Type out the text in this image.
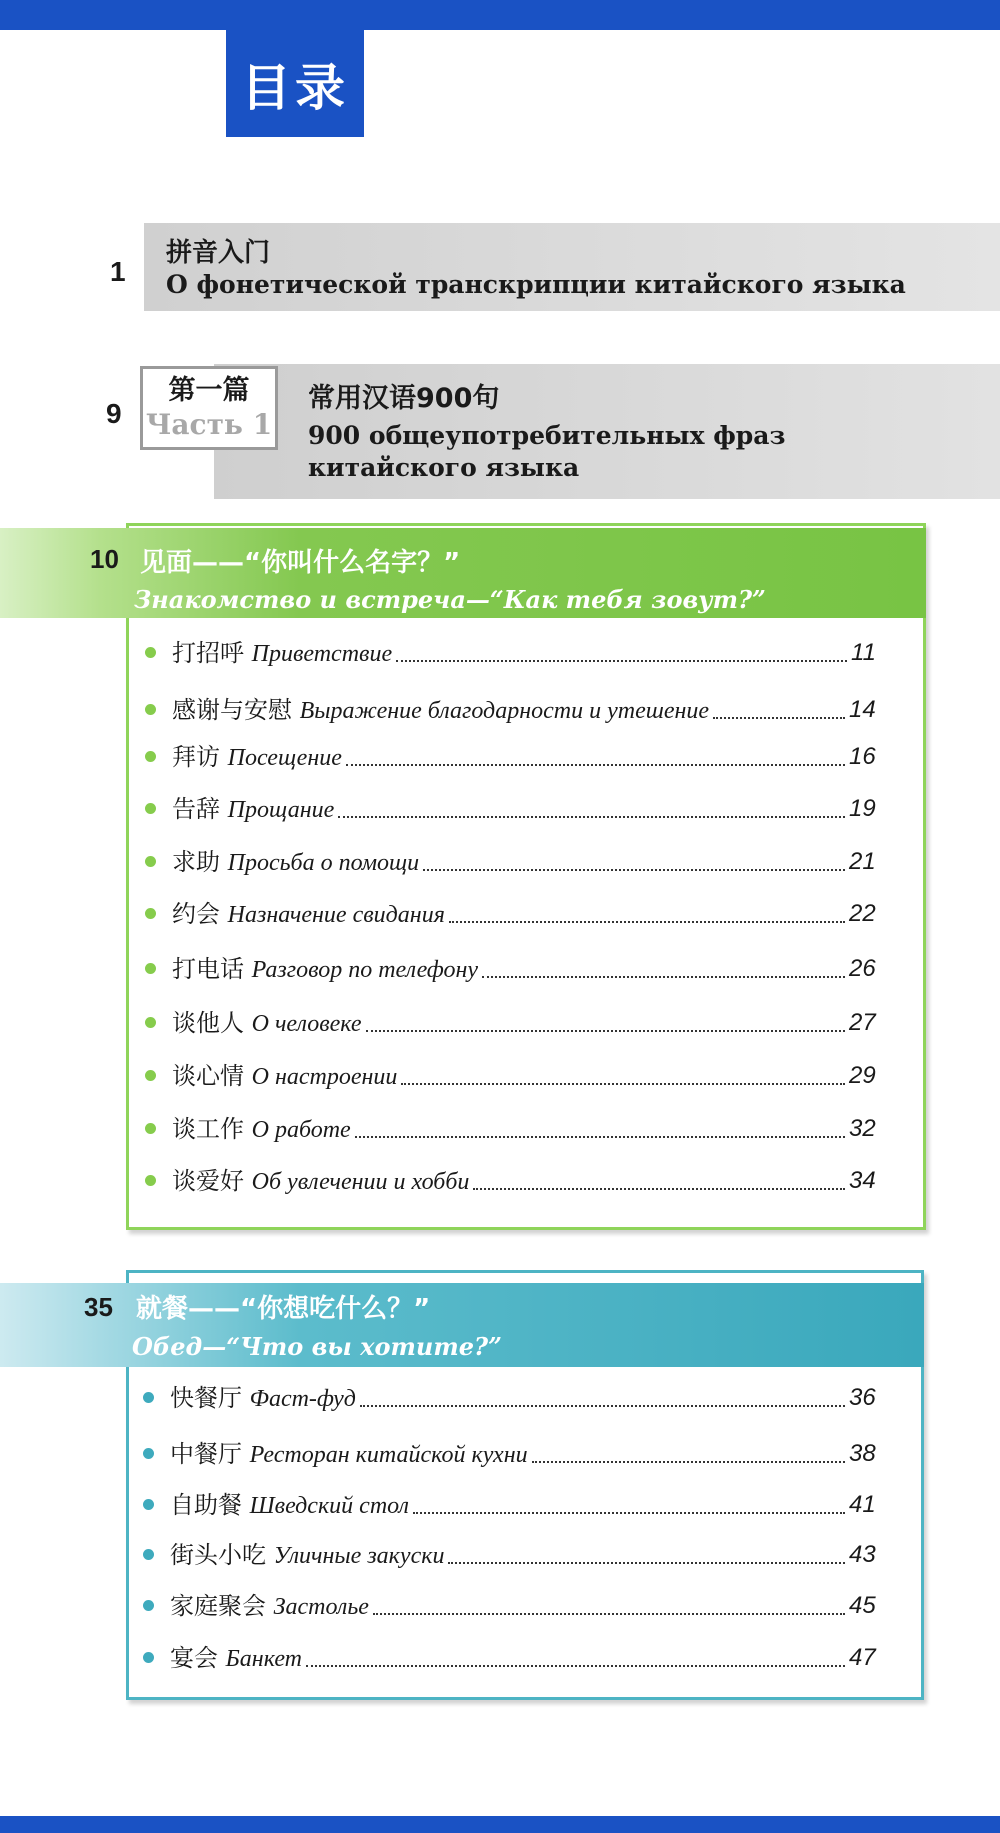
目录
1
拼音入门
О фонетической транскрипции китайского языка
第一篇
Часть 1
9	常用汉语900句
900 общеупотребительных фраз китайского языка
10 见面——“你叫什么名字？”
Знакомство и встреча—“Как тебя зовут?”
打招呼 Приветствие	11
感谢与安慰 Выражение благодарности и утешение	14
拜访 Посещение	16
告辞 Прощание	19
求助 Просьба о помощи	21
约会 Назначение свидания	22
打电话 Разговор по телефону	26
谈他人 О человеке	27
谈心情 О настроении	29
谈工作 О работе	32
谈爱好 Об увлечении и хобби	34
35 就餐——“你想吃什么？”
Обед—“Что вы хотите?”
快餐厅 Фаст-фуд	36
中餐厅 Ресторан китайской кухни	38
自助餐 Шведский стол	41
街头小吃 Уличные закуски	43
家庭聚会 Застолье	45
宴会 Банкет	47
